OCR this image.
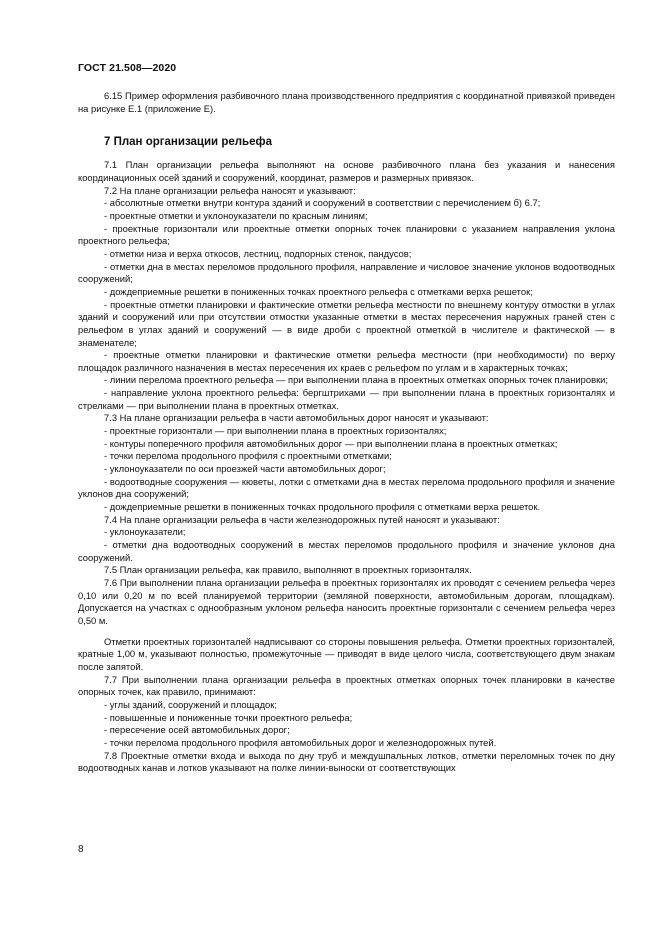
ГОСТ 21.508—2020

6.15 Пример оформления разбивочного плана производственного предприятия с координатной привязкой приведен на рисунке Е.1 (приложение Е).

7 План организации рельефа

7.1 План организации рельефа выполняют на основе разбивочного плана без указания и нанесения координационных осей зданий и сооружений, координат, размеров и размерных привязок.

7.2 На плане организации рельефа наносят и указывают:

- абсолютные отметки внутри контура зданий и сооружений в соответствии с перечислением б) 6.7;

- проектные отметки и уклоноуказатели по красным линиям;

- проектные горизонтали или проектные отметки опорных точек планировки с указанием направления уклона проектного рельефа;

- отметки низа и верха откосов, лестниц, подпорных стенок, пандусов;

- отметки дна в местах переломов продольного профиля, направление и числовое значение уклонов водоотводных сооружений;

- дождеприемные решетки в пониженных точках проектного рельефа с отметками верха решеток;

- проектные отметки планировки и фактические отметки рельефа местности по внешнему контуру отмостки в углах зданий и сооружений или при отсутствии отмостки указанные отметки в местах пересечения наружных граней стен с рельефом в углах зданий и сооружений — в виде дроби с проектной отметкой в числителе и фактической — в знаменателе;

- проектные отметки планировки и фактические отметки рельефа местности (при необходимости) по верху площадок различного назначения в местах пересечения их краев с рельефом по углам и в характерных точках;

- линии перелома проектного рельефа — при выполнении плана в проектных отметках опорных точек планировки;

- направление уклона проектного рельефа: бергштрихами — при выполнении плана в проектных горизонталях и стрелками — при выполнении плана в проектных отметках.

7.3 На плане организации рельефа в части автомобильных дорог наносят и указывают:

- проектные горизонтали — при выполнении плана в проектных горизонталях;

- контуры поперечного профиля автомобильных дорог — при выполнении плана в проектных отметках;

- точки перелома продольного профиля с проектными отметками;

- уклоноуказатели по оси проезжей части автомобильных дорог;

- водоотводные сооружения — кюветы, лотки с отметками дна в местах перелома продольного профиля и значение уклонов дна сооружений;

- дождеприемные решетки в пониженных точках продольного профиля с отметками верха решеток.

7.4 На плане организации рельефа в части железнодорожных путей наносят и указывают:

- уклоноуказатели;

- отметки дна водоотводных сооружений в местах переломов продольного профиля и значение уклонов дна сооружений.

7.5 План организации рельефа, как правило, выполняют в проектных горизонталях.

7.6 При выполнении плана организации рельефа в проектных горизонталях их проводят с сечением рельефа через 0,10 или 0,20 м по всей планируемой территории (земляной поверхности, автомобильным дорогам, площадкам). Допускается на участках с однообразным уклоном рельефа наносить проектные горизонтали с сечением рельефа через 0,50 м.

Отметки проектных горизонталей надписывают со стороны повышения рельефа. Отметки проектных горизонталей, кратные 1,00 м, указывают полностью, промежуточные — приводят в виде целого числа, соответствующего двум знакам после запятой.

7.7 При выполнении плана организации рельефа в проектных отметках опорных точек планировки в качестве опорных точек, как правило, принимают:

- углы зданий, сооружений и площадок;

- повышенные и пониженные точки проектного рельефа;

- пересечение осей автомобильных дорог;

- точки перелома продольного профиля автомобильных дорог и железнодорожных путей.

7.8 Проектные отметки входа и выхода по дну труб и междушпальных лотков, отметки переломных точек по дну водоотводных канав и лотков указывают на полке линии-выноски от соответствующих

8
